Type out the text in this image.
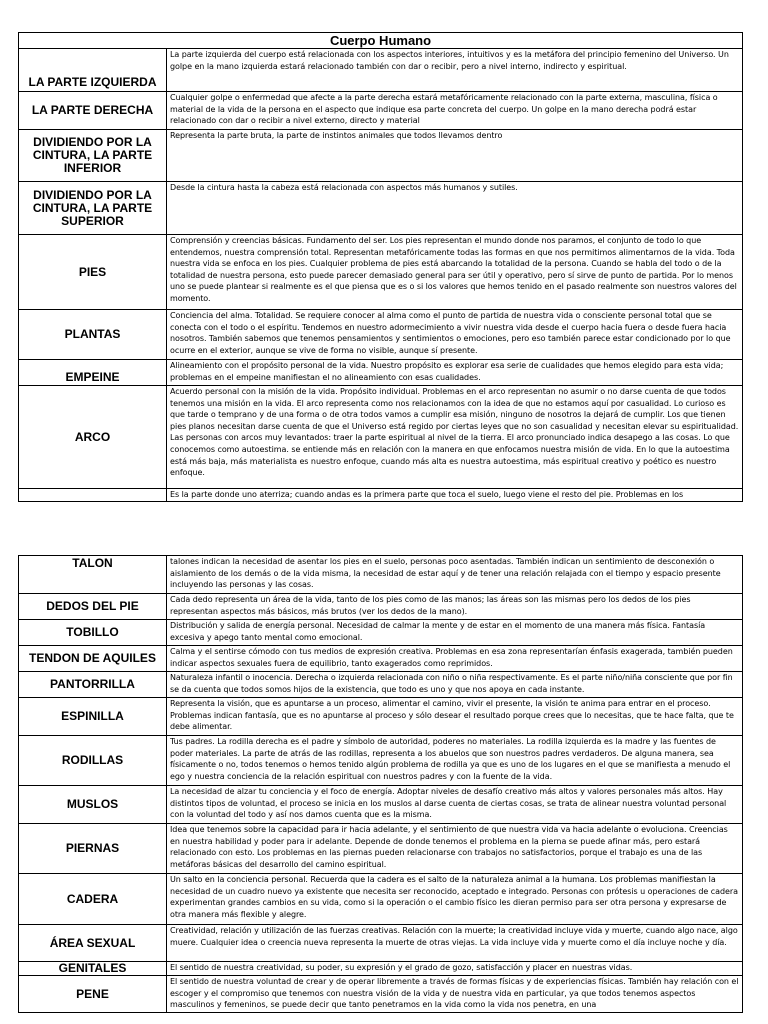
Cuerpo Humano	
LA PARTE IZQUIERDA	La parte izquierda del cuerpo está relacionada con los aspectos interiores, intuitivos y es la metáfora del principio femenino del Universo. Un golpe en la mano izquierda estará relacionado también con dar o recibir, pero a nivel interno, indirecto y espiritual.
LA PARTE DERECHA	Cualquier golpe o enfermedad que afecte a la parte derecha estará metafóricamente relacionado con la parte externa, masculina, física o material de la vida de la persona en el aspecto que indique esa parte concreta del cuerpo. Un golpe en la mano derecha podrá estar relacionado con dar o recibir a nivel externo, directo y material
DIVIDIENDO POR LA CINTURA, LA PARTE INFERIOR	Representa la parte bruta, la parte de instintos animales que todos llevamos dentro
DIVIDIENDO POR LA CINTURA, LA PARTE SUPERIOR	Desde la cintura hasta la cabeza está relacionada con aspectos más humanos y sutiles.
PIES	Comprensión y creencias básicas. Fundamento del ser. Los pies representan el mundo donde nos paramos, el conjunto de todo lo que entendemos, nuestra comprensión total. Representan metafóricamente todas las formas en que nos permitimos alimentarnos de la vida. Toda nuestra vida se enfoca en los pies. Cualquier problema de pies está abarcando la totalidad de la persona. Cuando se habla del todo o de la totalidad de nuestra persona, esto puede parecer demasiado general para ser útil y operativo, pero sí sirve de punto de partida. Por lo menos uno se puede plantear si realmente es el que piensa que es o si los valores que hemos tenido en el pasado realmente son nuestros valores del momento.
PLANTAS	Conciencia del alma. Totalidad. Se requiere conocer al alma como el punto de partida de nuestra vida o consciente personal total que se conecta con el todo o el espíritu. Tendemos en nuestro adormecimiento a vivir nuestra vida desde el cuerpo hacia fuera o desde fuera hacia nosotros. También sabemos que tenemos pensamientos y sentimientos o emociones, pero eso también parece estar condicionado por lo que ocurre en el exterior, aunque se vive de forma no visible, aunque sí presente.
EMPEINE	Alineamiento con el propósito personal de la vida. Nuestro propósito es explorar esa serie de cualidades que hemos elegido para esta vida; problemas en el empeine manifiestan el no alineamiento con esas cualidades.
ARCO	Acuerdo personal con la misión de la vida. Propósito individual. Problemas en el arco representan no asumir o no darse cuenta de que todos tenemos una misión en la vida. El arco representa como nos relacionamos con la idea de que no estamos aquí por casualidad. Lo curioso es que tarde o temprano y de una forma o de otra todos vamos a cumplir esa misión, ninguno de nosotros la dejará de cumplir. Los que tienen pies planos necesitan darse cuenta de que el Universo está regido por ciertas leyes que no son casualidad y necesitan elevar su espiritualidad. Las personas con arcos muy levantados: traer la parte espiritual al nivel de la tierra. El arco pronunciado indica desapego a las cosas. Lo que conocemos como autoestima. se entiende más en relación con la manera en que enfocamos nuestra misión de vida. En lo que la autoestima está más baja, más materialista es nuestro enfoque, cuando más alta es nuestra autoestima, más espiritual creativo y poético es nuestro enfoque.
	Es la parte donde uno aterriza; cuando andas es la primera parte que toca el suelo, luego viene el resto del pie. Problemas en los
TALON	talones indican la necesidad de asentar los pies en el suelo, personas poco asentadas. También indican un sentimiento de desconexión o aislamiento de los demás o de la vida misma, la necesidad de estar aquí y de tener una relación relajada con el tiempo y espacio presente incluyendo las personas y las cosas.
DEDOS DEL PIE	Cada dedo representa un área de la vida, tanto de los pies como de las manos; las áreas son las mismas pero los dedos de los pies representan aspectos más básicos, más brutos (ver los dedos de la mano).
TOBILLO	Distribución y salida de energía personal. Necesidad de calmar la mente y de estar en el momento de una manera más física. Fantasía excesiva y apego tanto mental como emocional.
TENDON DE AQUILES	Calma y el sentirse cómodo con tus medios de expresión creativa. Problemas en esa zona representarían énfasis exagerada, también pueden indicar aspectos sexuales fuera de equilibrio, tanto exagerados como reprimidos.
PANTORRILLA	Naturaleza infantil o inocencia. Derecha o izquierda relacionada con niño o niña respectivamente. Es el parte niño/niña consciente que por fin se da cuenta que todos somos hijos de la existencia, que todo es uno y que nos apoya en cada instante.
ESPINILLA	Representa la visión, que es apuntarse a un proceso, alimentar el camino, vivir el presente, la visión te anima para entrar en el proceso. Problemas indican fantasía, que es no apuntarse al proceso y sólo desear el resultado porque crees que lo necesitas, que te hace falta, que te debe alimentar.
RODILLAS	Tus padres. La rodilla derecha es el padre y símbolo de autoridad, poderes no materiales. La rodilla izquierda es la madre y las fuentes de poder materiales. La parte de atrás de las rodillas, representa a los abuelos que son nuestros padres verdaderos. De alguna manera, sea físicamente o no, todos tenemos o hemos tenido algún problema de rodilla ya que es uno de los lugares en el que se manifiesta a menudo el ego y nuestra conciencia de la relación espiritual con nuestros padres y con la fuente de la vida.
MUSLOS	La necesidad de alzar tu conciencia y el foco de energía. Adoptar niveles de desafío creativo más altos y valores personales más altos. Hay distintos tipos de voluntad, el proceso se inicia en los muslos al darse cuenta de ciertas cosas, se trata de alinear nuestra voluntad personal con la voluntad del todo y así nos damos cuenta que es la misma.
PIERNAS	Idea que tenemos sobre la capacidad para ir hacia adelante, y el sentimiento de que nuestra vida va hacia adelante o evoluciona. Creencias en nuestra habilidad y poder para ir adelante. Depende de donde tenemos el problema en la pierna se puede afinar más, pero estará relacionado con esto. Los problemas en las piernas pueden relacionarse con trabajos no satisfactorios, porque el trabajo es una de las metáforas básicas del desarrollo del camino espiritual.
CADERA	Un salto en la conciencia personal. Recuerda que la cadera es el salto de la naturaleza animal a la humana. Los problemas manifiestan la necesidad de un cuadro nuevo ya existente que necesita ser reconocido, aceptado e integrado. Personas con prótesis u operaciones de cadera experimentan grandes cambios en su vida, como si la operación o el cambio físico les dieran permiso para ser otra persona y expresarse de otra manera más flexible y alegre.
ÁREA SEXUAL	Creatividad, relación y utilización de las fuerzas creativas. Relación con la muerte; la creatividad incluye vida y muerte, cuando algo nace, algo muere. Cualquier idea o creencia nueva representa la muerte de otras viejas. La vida incluye vida y muerte como el día incluye noche y día.
GENITALES	El sentido de nuestra creatividad, su poder, su expresión y el grado de gozo, satisfacción y placer en nuestras vidas.
PENE	El sentido de nuestra voluntad de crear y de operar libremente a través de formas físicas y de experiencias físicas. También hay relación con el escoger y el compromiso que tenemos con nuestra visión de la vida y de nuestra vida en particular, ya que todos tenemos aspectos masculinos y femeninos, se puede decir que tanto penetramos en la vida como la vida nos penetra, en una
